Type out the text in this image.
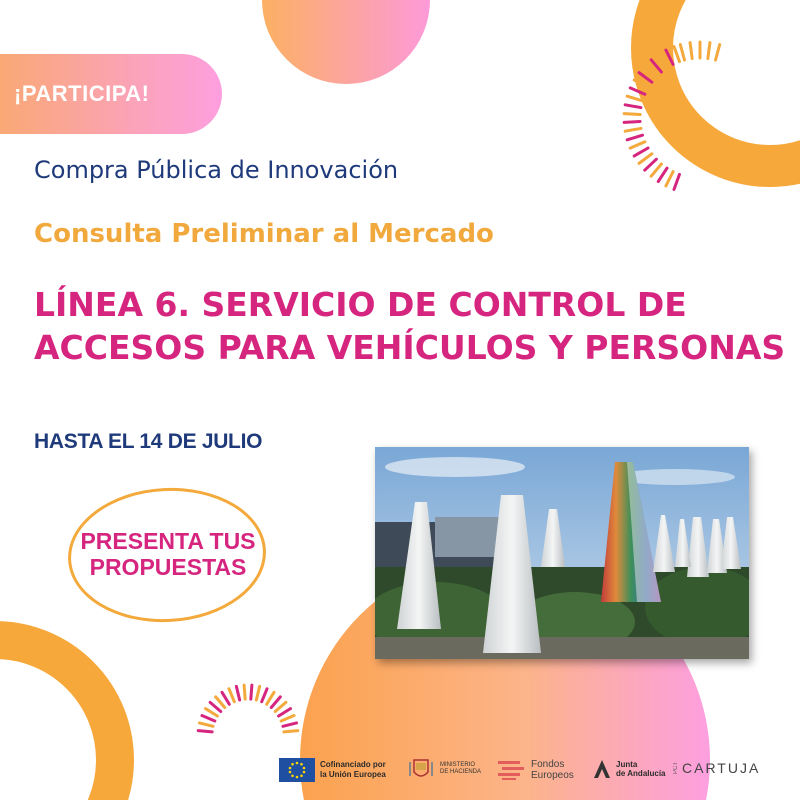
¡PARTICIPA!
Compra Pública de Innovación
Consulta Preliminar al Mercado
LÍNEA 6. SERVICIO DE CONTROL DE ACCESOS PARA VEHÍCULOS Y PERSONAS
HASTA EL 14 DE JULIO
PRESENTA TUS
PROPUESTAS
Cofinanciado por
la Unión Europea
MINISTERIO
DE HACIENDA
Fondos
Europeos
Junta
de Andalucía PCT CARTUJA
